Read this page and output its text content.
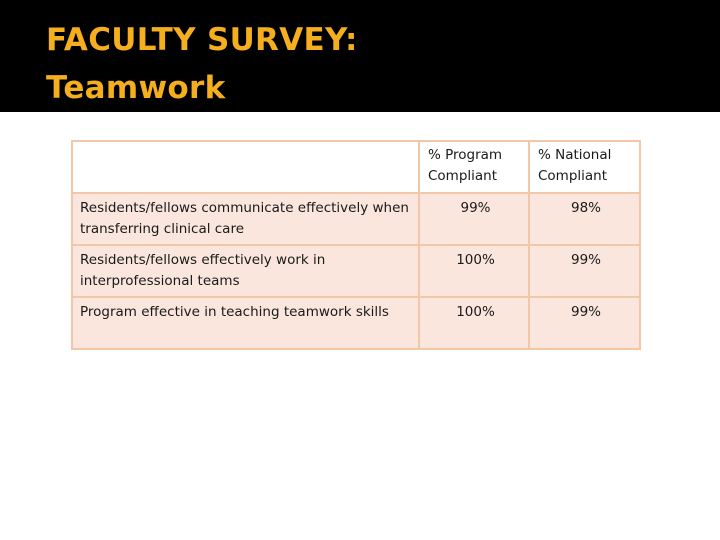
FACULTY SURVEY:
Teamwork
	% Program Compliant	% National Compliant
Residents/fellows communicate effectively when transferring clinical care	99%	98%
Residents/fellows effectively work in interprofessional teams	100%	99%
Program effective in teaching teamwork skills	100%	99%
